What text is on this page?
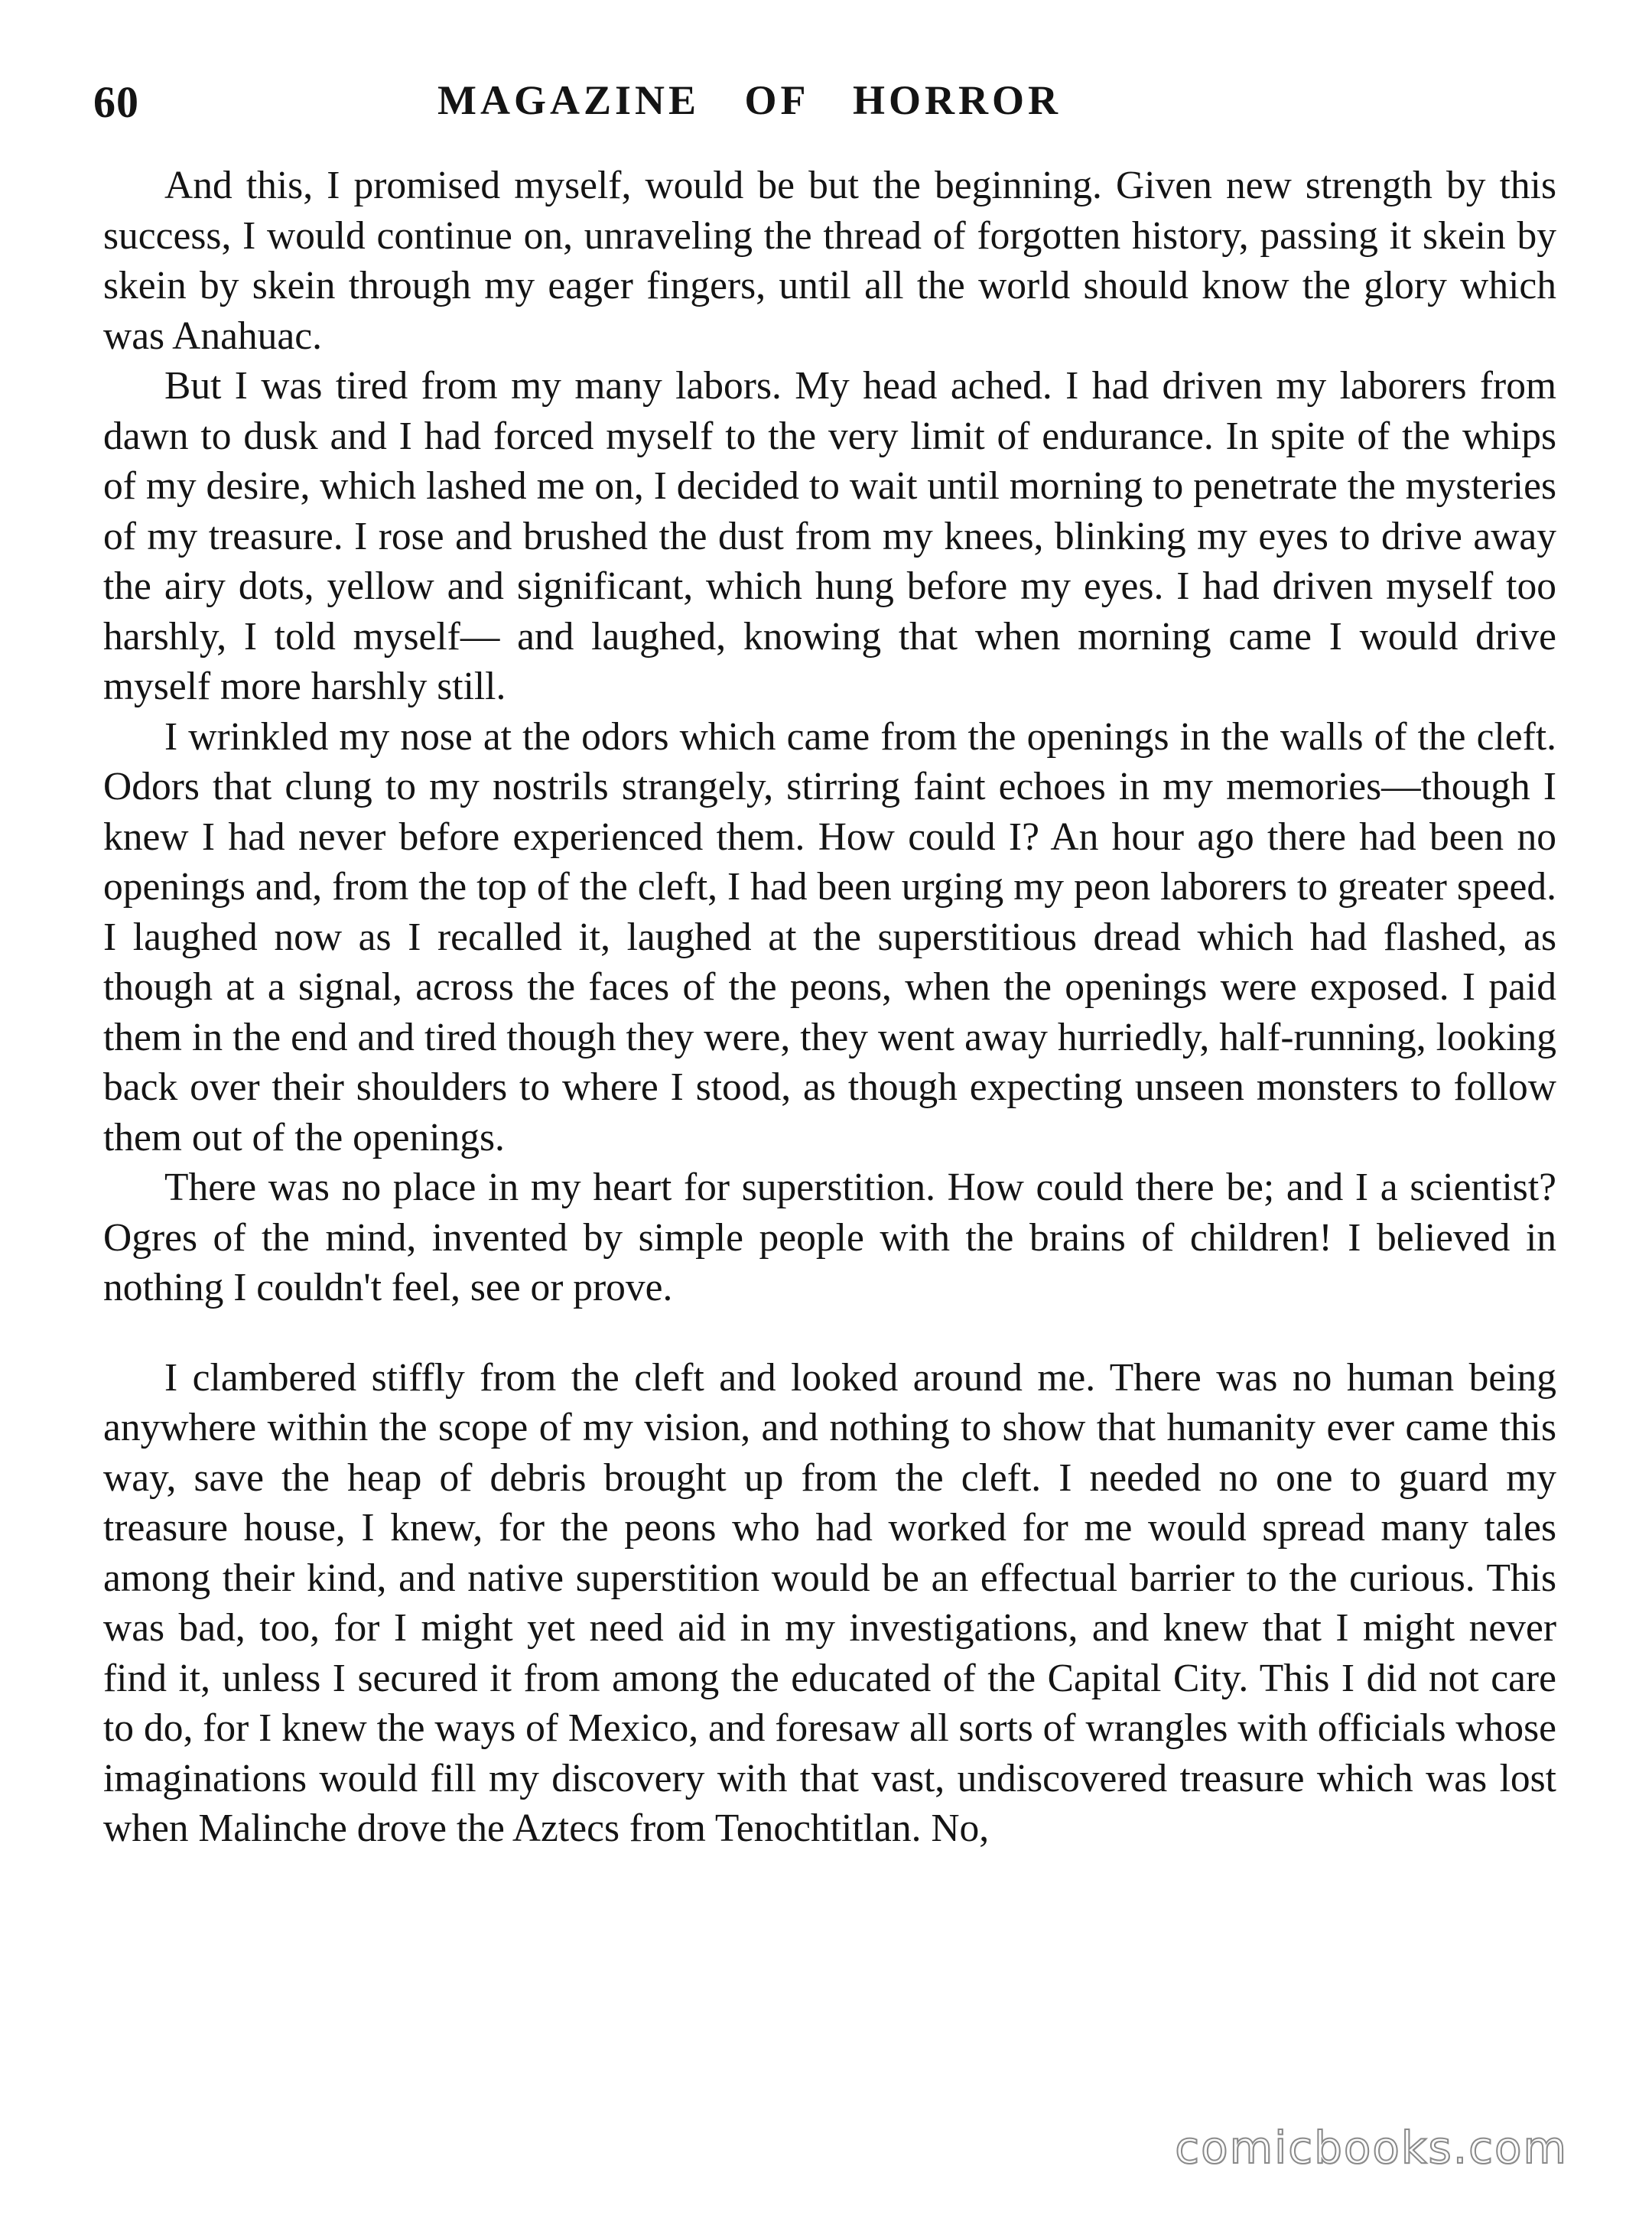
60	MAGAZINE OF HORROR

And this, I promised myself, would be but the beginning. Given new strength by this success, I would continue on, unraveling the thread of forgotten history, passing it skein by skein by skein through my eager fingers, until all the world should know the glory which was Anahuac.

But I was tired from my many labors. My head ached. I had driven my laborers from dawn to dusk and I had forced myself to the very limit of endurance. In spite of the whips of my desire, which lashed me on, I decided to wait until morning to penetrate the mysteries of my treasure. I rose and brushed the dust from my knees, blinking my eyes to drive away the airy dots, yellow and significant, which hung before my eyes. I had driven myself too harshly, I told myself— and laughed, knowing that when morning came I would drive myself more harshly still.

I wrinkled my nose at the odors which came from the openings in the walls of the cleft. Odors that clung to my nostrils strangely, stirring faint echoes in my memories—though I knew I had never before experienced them. How could I? An hour ago there had been no openings and, from the top of the cleft, I had been urging my peon laborers to greater speed. I laughed now as I recalled it, laughed at the superstitious dread which had flashed, as though at a signal, across the faces of the peons, when the openings were exposed. I paid them in the end and tired though they were, they went away hurriedly, half-running, looking back over their shoulders to where I stood, as though expecting unseen monsters to follow them out of the openings.

There was no place in my heart for superstition. How could there be; and I a scientist? Ogres of the mind, invented by simple people with the brains of children! I believed in nothing I couldn't feel, see or prove.

I clambered stiffly from the cleft and looked around me. There was no human being anywhere within the scope of my vision, and nothing to show that humanity ever came this way, save the heap of debris brought up from the cleft. I needed no one to guard my treasure house, I knew, for the peons who had worked for me would spread many tales among their kind, and native superstition would be an effectual barrier to the curious. This was bad, too, for I might yet need aid in my investigations, and knew that I might never find it, unless I secured it from among the educated of the Capital City. This I did not care to do, for I knew the ways of Mexico, and foresaw all sorts of wrangles with officials whose imaginations would fill my discovery with that vast, undiscovered treasure which was lost when Malinche drove the Aztecs from Tenochtitlan. No,

comicbooks.com
